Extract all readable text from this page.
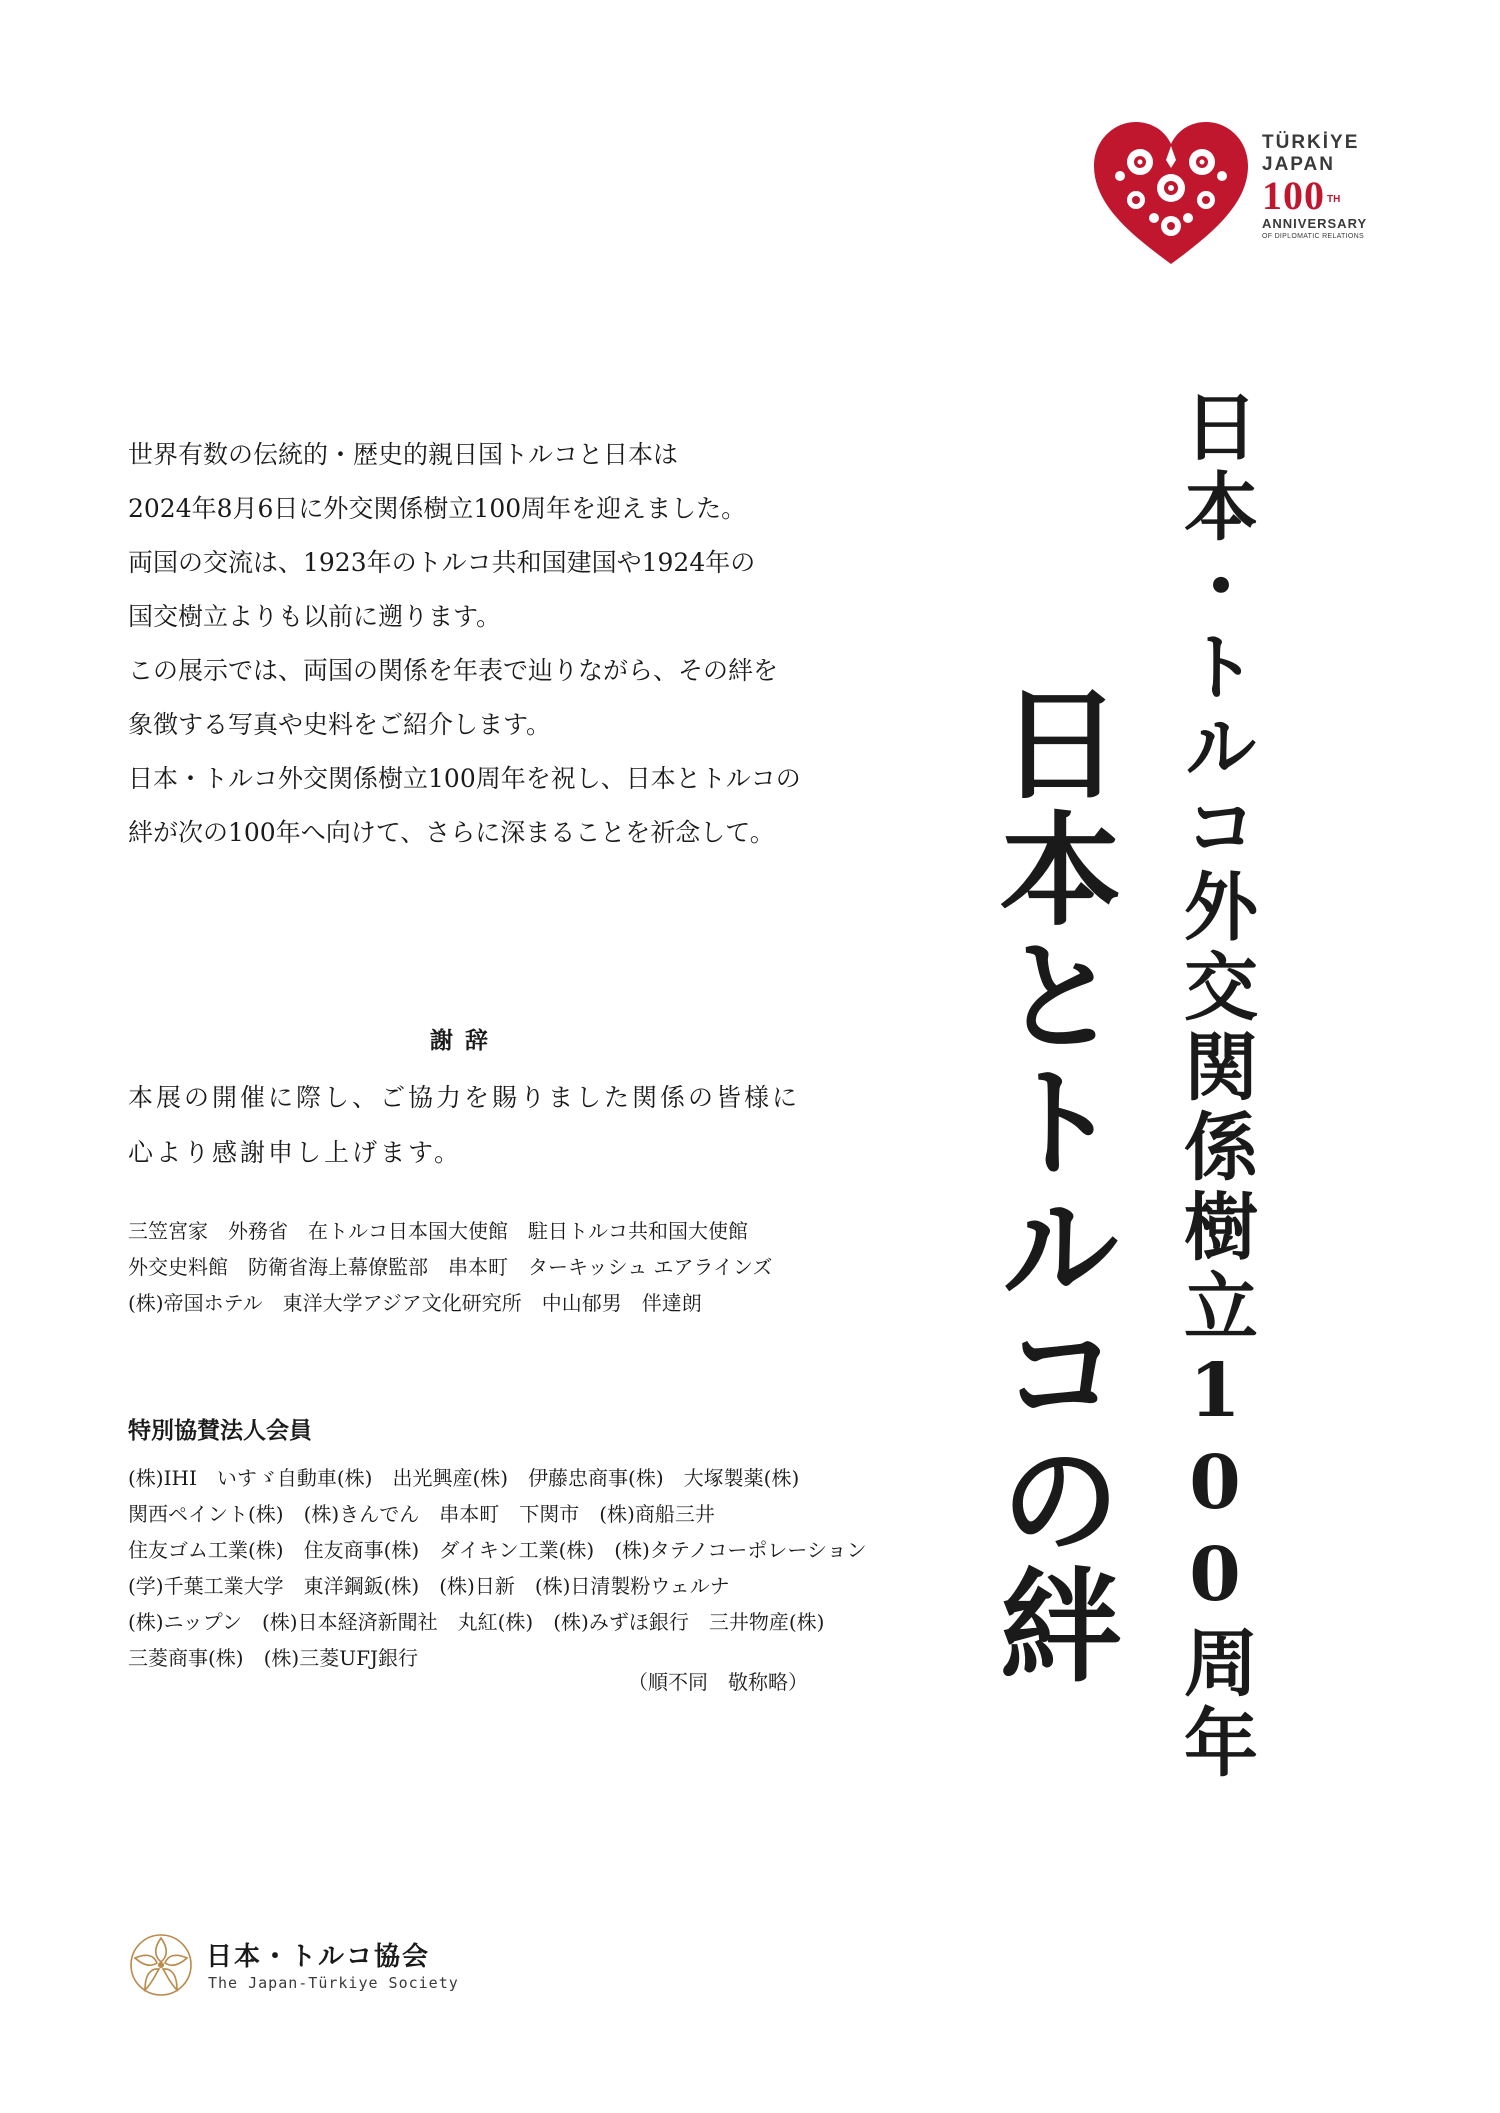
TÜRKİYE
JAPAN
100 $^{TH}$
ANNIVERSARY
OF DIPLOMATIC RELATIONS
日本・トルコ外交関係樹立100周年
日本とトルコの絆

世界有数の伝統的・歴史的親日国トルコと日本は

2024年8月6日に外交関係樹立100周年を迎えました。

両国の交流は、1923年のトルコ共和国建国や1924年の

国交樹立よりも以前に遡ります。

この展示では、両国の関係を年表で辿りながら、その絆を

象徴する写真や史料をご紹介します。

日本・トルコ外交関係樹立100周年を祝し、日本とトルコの

絆が次の100年へ向けて、さらに深まることを祈念して。

謝辞

本展の開催に際し、ご協力を賜りました関係の皆様に

心より感謝申し上げます。

三笠宮家　外務省　在トルコ日本国大使館　駐日トルコ共和国大使館

外交史料館　防衛省海上幕僚監部　串本町　ターキッシュ エアラインズ

(株)帝国ホテル　東洋大学アジア文化研究所　中山郁男　伴達朗

特別協賛法人会員

(株)IHI　いすゞ自動車(株)　出光興産(株)　伊藤忠商事(株)　大塚製薬(株)

関西ペイント(株)　(株)きんでん　串本町　下関市　(株)商船三井

住友ゴム工業(株)　住友商事(株)　ダイキン工業(株)　(株)タテノコーポレーション

(学)千葉工業大学　東洋鋼鈑(株)　(株)日新　(株)日清製粉ウェルナ

(株)ニップン　(株)日本経済新聞社　丸紅(株)　(株)みずほ銀行　三井物産(株)

三菱商事(株)　(株)三菱UFJ銀行

（順不同　敬称略）
日本・トルコ協会
The Japan-Türkiye Society
